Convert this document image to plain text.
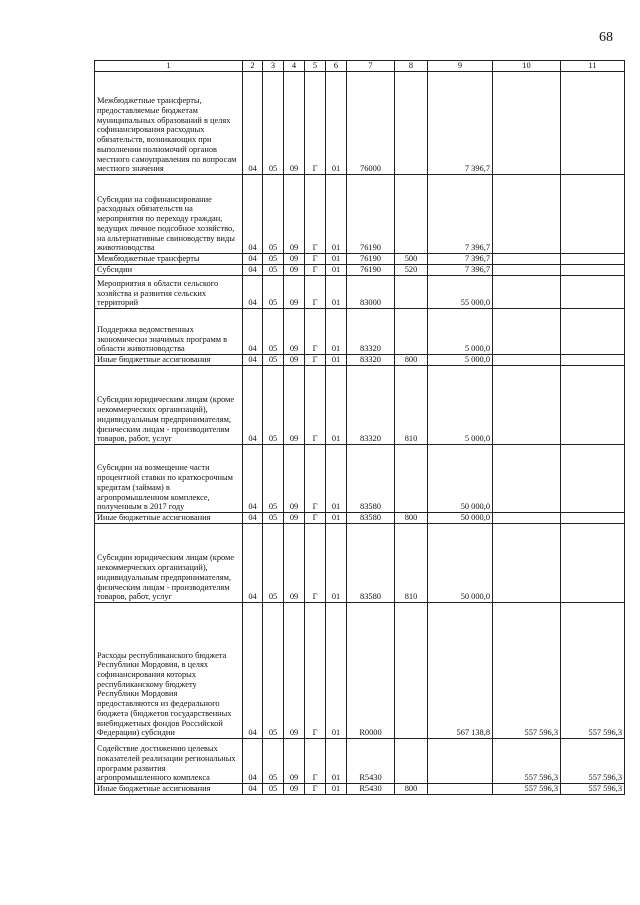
68
1	2	3	4	5	6	7	8	9	10	11
Межбюджетные трансферты, предоставляемые бюджетам муниципальных образований в целях софинансирования расходных обязательств, возникающих при выполнении полномочий органов местного самоуправления по вопросам местного значения	04	05	09	Г	01	76000		7 396,7		
Субсидии на софинансирование расходных обязательств на мероприятия по переходу граждан, ведущих личное подсобное хозяйство, на альтернативные свиноводству виды животноводства	04	05	09	Г	01	76190		7 396,7		
Межбюджетные трансферты	04	05	09	Г	01	76190	500	7 396,7		
Субсидии	04	05	09	Г	01	76190	520	7 396,7		
Мероприятия в области сельского хозяйства и развития сельских территорий	04	05	09	Г	01	83000		55 000,0		
Поддержка ведомственных экономически значимых программ в области животноводства	04	05	09	Г	01	83320		5 000,0		
Иные бюджетные ассигнования	04	05	09	Г	01	83320	800	5 000,0		
Субсидии юридическим лицам (кроме некоммерческих организаций), индивидуальным предпринимателям, физическим лицам - производителям товаров, работ, услуг	04	05	09	Г	01	83320	810	5 000,0		
Субсидии на возмещение части процентной ставки по краткосрочным кредитам (займам) в агропромышленном комплексе, полученным в 2017 году	04	05	09	Г	01	83580		50 000,0		
Иные бюджетные ассигнования	04	05	09	Г	01	83580	800	50 000,0		
Субсидии юридическим лицам (кроме некоммерческих организаций), индивидуальным предпринимателям, физическим лицам - производителям товаров, работ, услуг	04	05	09	Г	01	83580	810	50 000,0		
Расходы республиканского бюджета Республики Мордовия, в целях софинансирования которых республиканскому бюджету Республики Мордовия предоставляются из федерального бюджета (бюджетов государственных внебюджетных фондов Российской Федерации) субсидии	04	05	09	Г	01	R0000		567 138,8	557 596,3	557 596,3
Содействие достижению целевых показателей реализации региональных программ развития агропромышленного комплекса	04	05	09	Г	01	R5430			557 596,3	557 596,3
Иные бюджетные ассигнования	04	05	09	Г	01	R5430	800		557 596,3	557 596,3
